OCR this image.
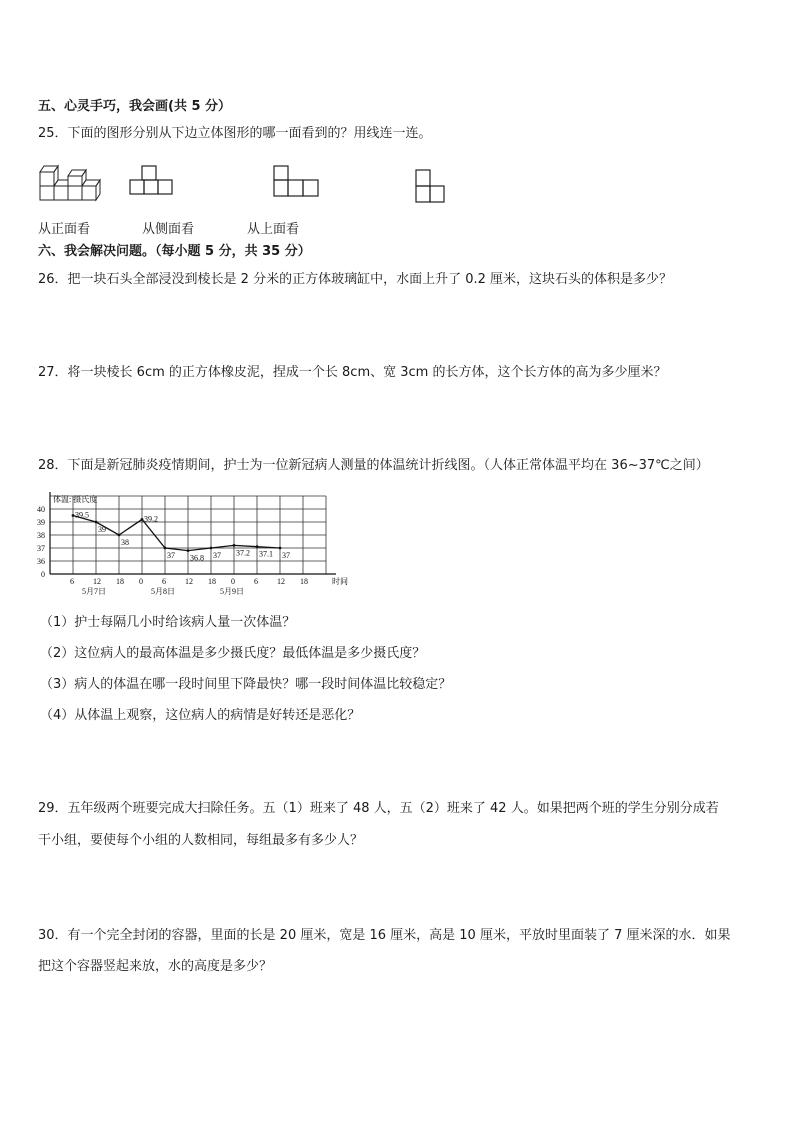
五、心灵手巧，我会画(共 5 分）
25．下面的图形分别从下边立体图形的哪一面看到的？用线连一连。
从正面看	从侧面看	从上面看
六、我会解决问题。（每小题 5 分，共 35 分）
26．把一块石头全部浸没到棱长是 2 分米的正方体玻璃缸中，水面上升了 0.2 厘米，这块石头的体积是多少？
27．将一块棱长 6cm 的正方体橡皮泥，捏成一个长 8cm、宽 3cm 的长方体，这个长方体的高为多少厘米？
28．下面是新冠肺炎疫情期间，护士为一位新冠病人测量的体温统计折线图。（人体正常体温平均在 36~37℃之间）
体温: 摄氏度
36
37
38
39
40
0
6 12 18 0 6 12 18 0 6 12 18	时间
5月7日	5月8日	5月9日
39.5
39
38
39.2
37 36.8 37 37.2 37.1 37
（1）护士每隔几小时给该病人量一次体温？
（2）这位病人的最高体温是多少摄氏度？最低体温是多少摄氏度？
（3）病人的体温在哪一段时间里下降最快？哪一段时间体温比较稳定？
（4）从体温上观察，这位病人的病情是好转还是恶化？
29．五年级两个班要完成大扫除任务。五（1）班来了 48 人，五（2）班来了 42 人。如果把两个班的学生分别分成若
干小组，要使每个小组的人数相同，每组最多有多少人？
30．有一个完全封闭的容器，里面的长是 20 厘米，宽是 16 厘米，高是 10 厘米，平放时里面装了 7 厘米深的水．如果
把这个容器竖起来放，水的高度是多少？
